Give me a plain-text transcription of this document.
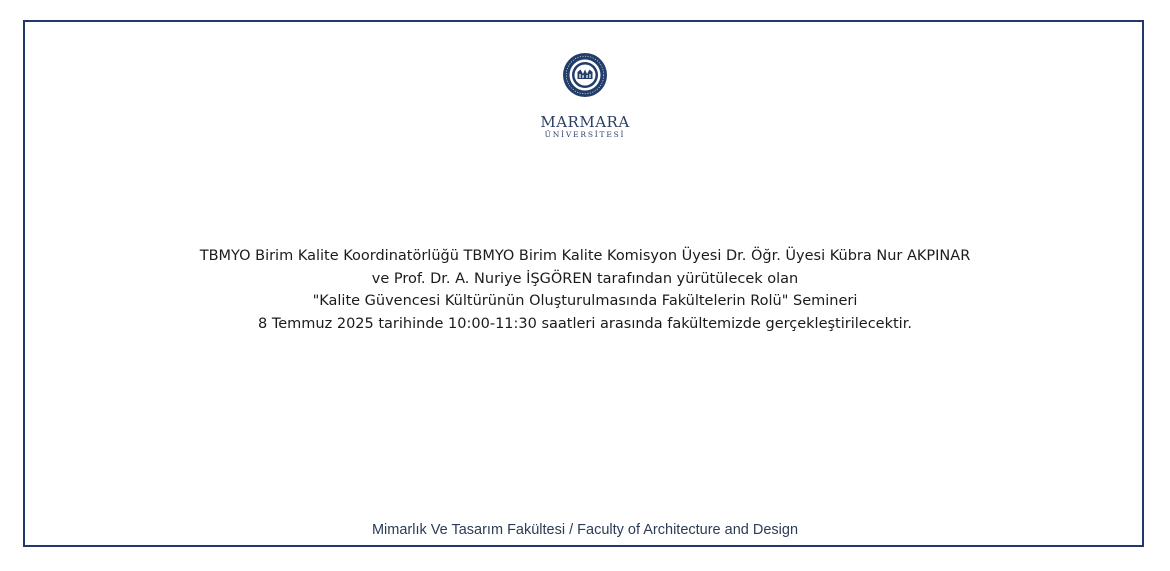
MARMARA
ÜNİVERSİTESİ
TBMYO Birim Kalite Koordinatörlüğü TBMYO Birim Kalite Komisyon Üyesi Dr. Öğr. Üyesi Kübra Nur AKPINAR
ve Prof. Dr. A. Nuriye İŞGÖREN tarafından yürütülecek olan
"Kalite Güvencesi Kültürünün Oluşturulmasında Fakültelerin Rolü" Semineri
8 Temmuz 2025 tarihinde 10:00-11:30 saatleri arasında fakültemizde gerçekleştirilecektir.
Mimarlık Ve Tasarım Fakültesi / Faculty of Architecture and Design
